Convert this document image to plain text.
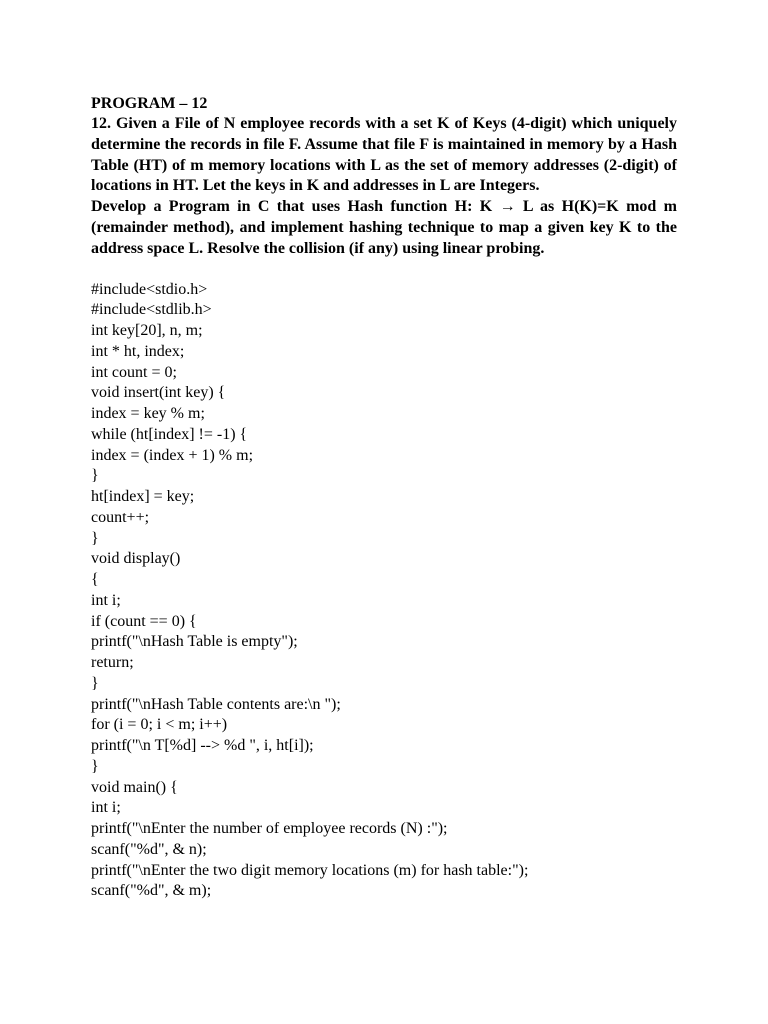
PROGRAM – 12

12. Given a File of N employee records with a set K of Keys (4-digit) which uniquely determine the records in file F. Assume that file F is maintained in memory by a Hash Table (HT) of m memory locations with L as the set of memory addresses (2-digit) of locations in HT. Let the keys in K and addresses in L are Integers.

Develop a Program in C that uses Hash function H: K → L as H(K)=K mod m (remainder method), and implement hashing technique to map a given key K to the address space L. Resolve the collision (if any) using linear probing.

#include<stdio.h>
#include<stdlib.h>
int key[20], n, m;
int * ht, index;
int count = 0;
void insert(int key) {
index = key % m;
while (ht[index] != -1) {
index = (index + 1) % m;
}
ht[index] = key;
count++;
}
void display()
{
int i;
if (count == 0) {
printf("\nHash Table is empty");
return;
}
printf("\nHash Table contents are:\n ");
for (i = 0; i < m; i++)
printf("\n T[%d] --> %d ", i, ht[i]);
}
void main() {
int i;
printf("\nEnter the number of employee records (N) :");
scanf("%d", & n);
printf("\nEnter the two digit memory locations (m) for hash table:");
scanf("%d", & m);
